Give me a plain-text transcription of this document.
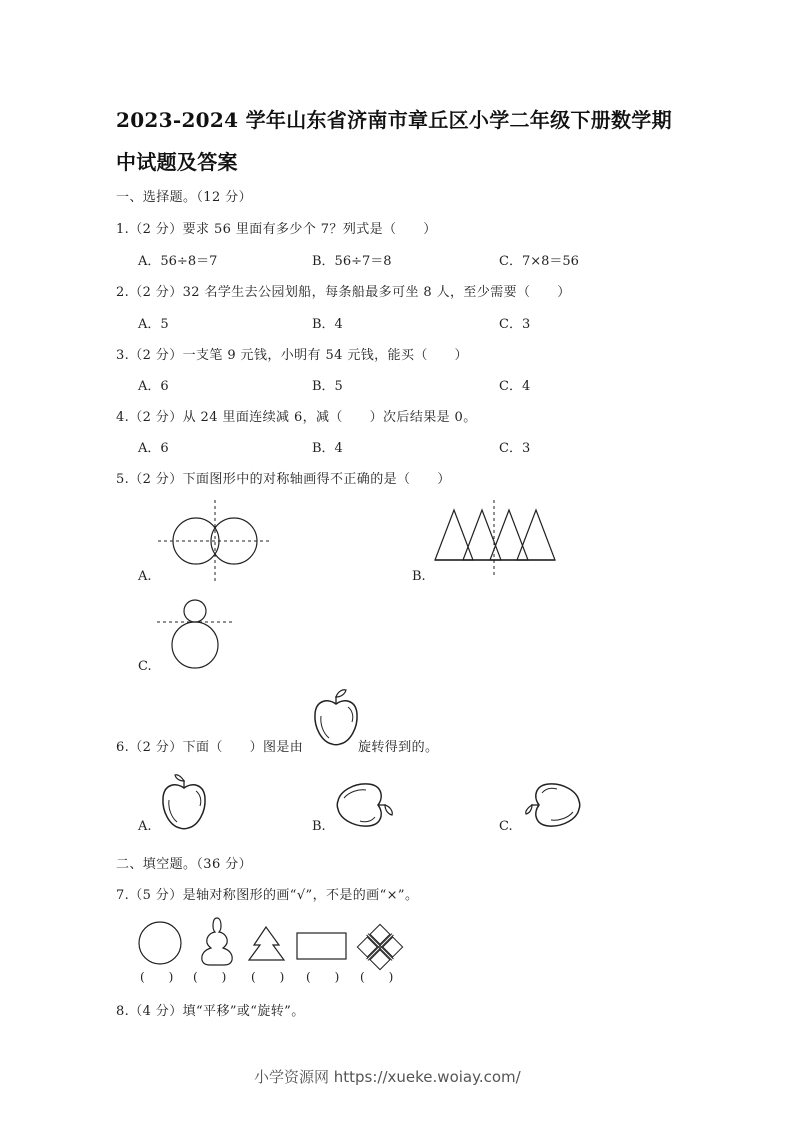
2023-2024 学年山东省济南市章丘区小学二年级下册数学期
中试题及答案
一、选择题。（12 分）
1.（2 分）要求 56 里面有多少个 7？列式是（　　）
A．56÷8＝7	B．56÷7＝8	C．7×8＝56
2.（2 分）32 名学生去公园划船，每条船最多可坐 8 人，至少需要（　　）
A．5	B．4	C．3
3.（2 分）一支笔 9 元钱，小明有 54 元钱，能买（　　）
A．6	B．5	C．4
4.（2 分）从 24 里面连续减 6，减（　　）次后结果是 0。
A．6	B．4	C．3
5.（2 分）下面图形中的对称轴画得不正确的是（　　）
A.	B.
C.
6.（2 分）下面（　　）图是由	旋转得到的。
A.	B.	C.
二、填空题。（36 分）
7.（5 分）是轴对称图形的画“√”，不是的画“×”。
(　　) (　　) (　　) (　　) (　　)
8.（4 分）填“平移”或“旋转”。
小学资源网 https://xueke.woiay.com/
